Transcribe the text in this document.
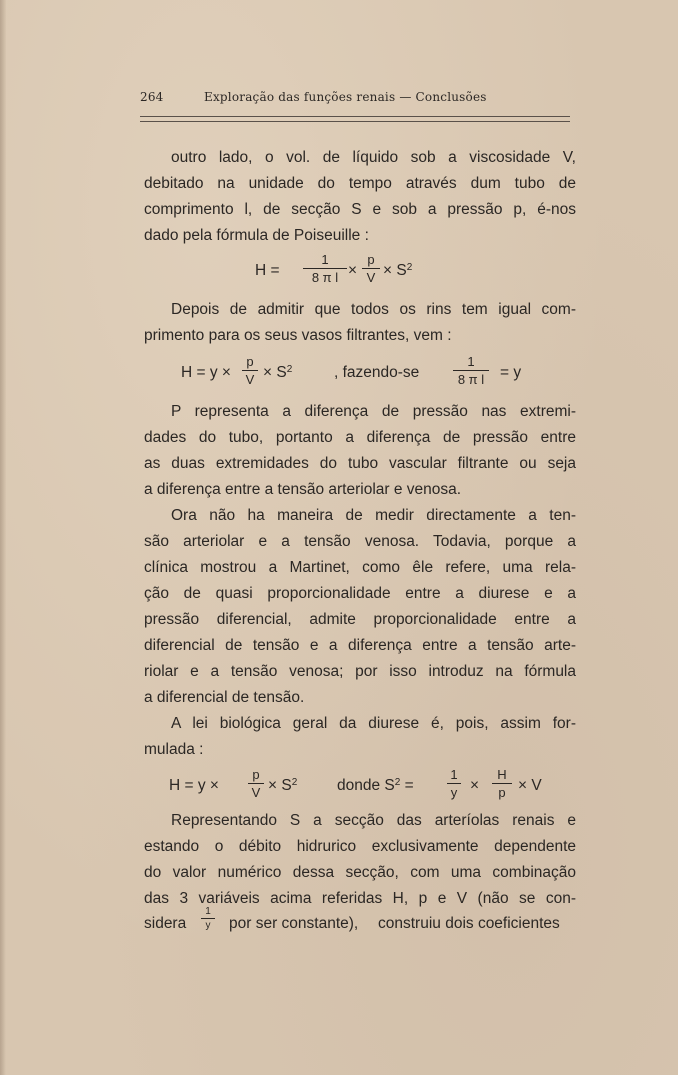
264	Exploração das funções renais — Conclusões
outro lado, o vol. de líquido sob a viscosidade V,
debitado na unidade do tempo através dum tubo de
comprimento l, de secção S e sob a pressão p, é-nos
dado pela fórmula de Poiseuille :
H =
1
8 π l ×
p
$V \times S^2$
Depois de admitir que todos os rins tem igual com-
primento para os seus vasos filtrantes, vem :
H = y ×
p
$V \times S^2$	, fazendo-se
1
8 π l	= y
P representa a diferença de pressão nas extremi-
dades do tubo, portanto a diferença de pressão entre
as duas extremidades do tubo vascular filtrante ou seja
a diferença entre a tensão arteriolar e venosa.
Ora não ha maneira de medir directamente a ten-
são arteriolar e a tensão venosa. Todavia, porque a
clínica mostrou a Martinet, como êle refere, uma rela-
ção de quasi proporcionalidade entre a diurese e a
pressão diferencial, admite proporcionalidade entre a
diferencial de tensão e a diferença entre a tensão arte-
riolar e a tensão venosa; por isso introduz na fórmula
a diferencial de tensão.
A lei biológica geral da diurese é, pois, assim for-
mulada :
H = y ×
p
$V \times S^2$	donde $S^2$ =
1
y ×
H
p × V
Representando S a secção das arteríolas renais e
estando o débito hidrurico exclusivamente dependente
do valor numérico dessa secção, com uma combinação
das 3 variáveis acima referidas H, p e V (não se con-
sidera
1
y por ser constante), construiu dois coeficientes
